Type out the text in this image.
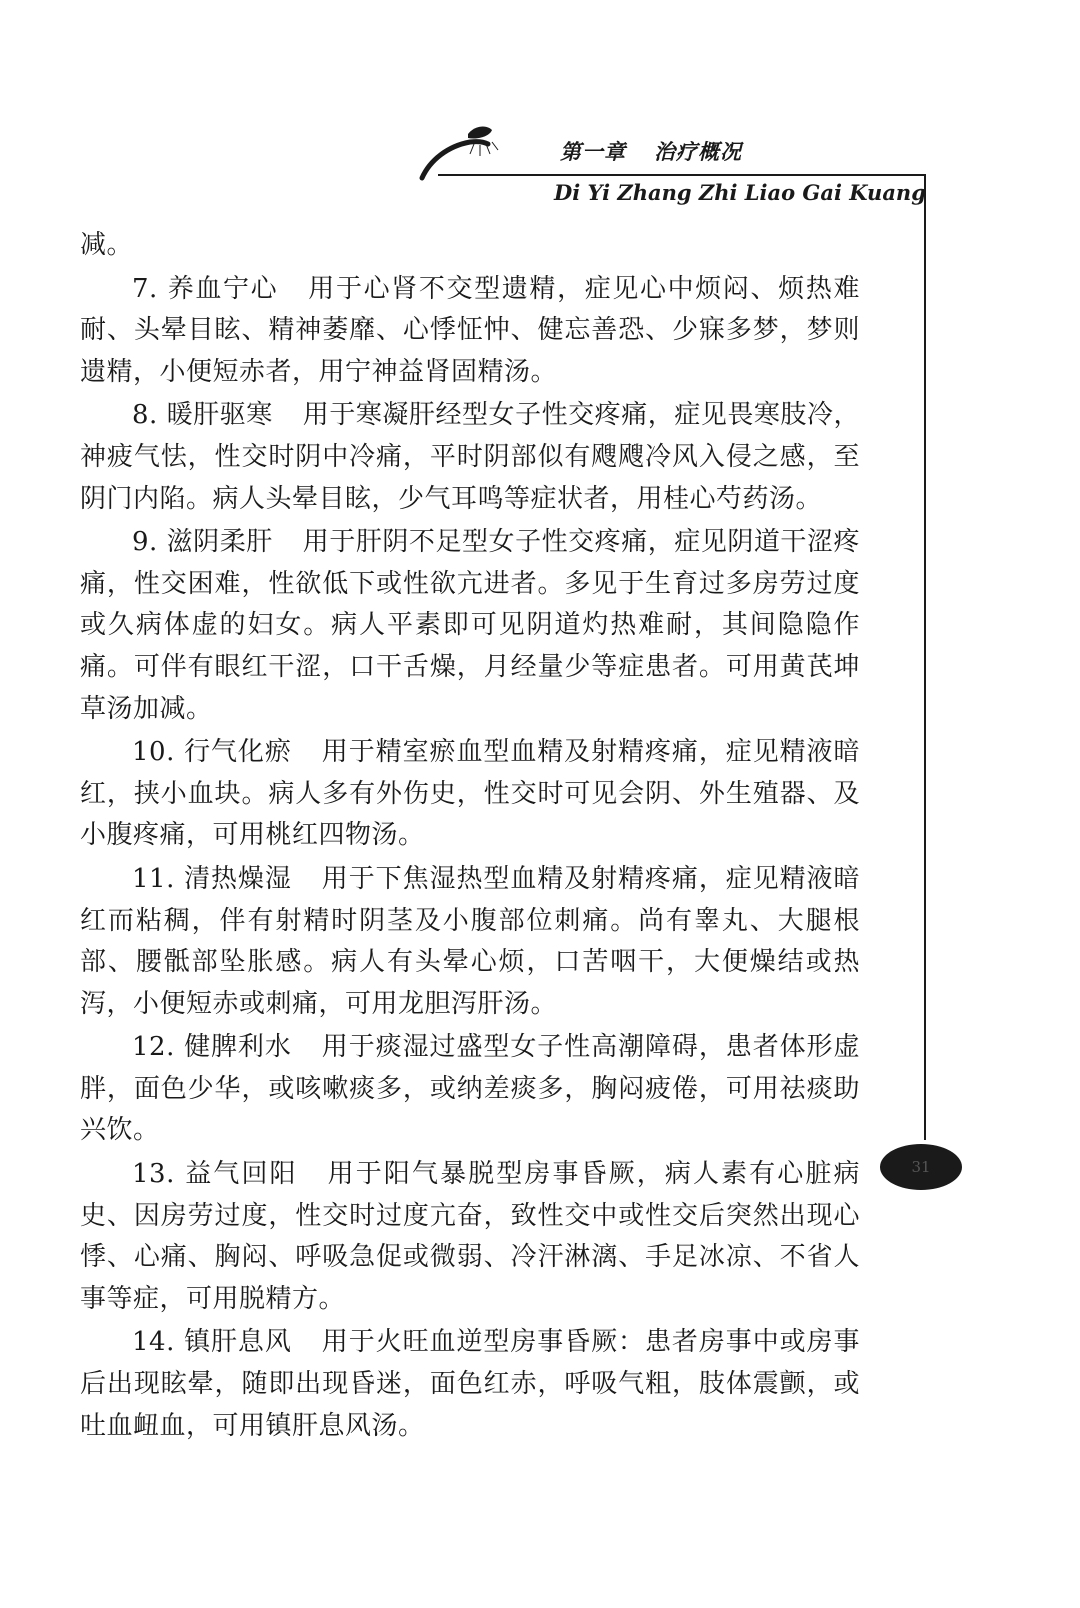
第一章 治疗概况
Di Yi Zhang Zhi Liao Gai Kuang
31

减。

7. 养血宁心 用于心肾不交型遗精，症见心中烦闷、烦热难耐、头晕目眩、精神萎靡、心悸怔忡、健忘善恐、少寐多梦，梦则遗精，小便短赤者，用宁神益肾固精汤。

8. 暖肝驱寒 用于寒凝肝经型女子性交疼痛，症见畏寒肢冷，神疲气怯，性交时阴中冷痛，平时阴部似有飕飕冷风入侵之感，至阴门内陷。病人头晕目眩，少气耳鸣等症状者，用桂心芍药汤。

9. 滋阴柔肝 用于肝阴不足型女子性交疼痛，症见阴道干涩疼痛，性交困难，性欲低下或性欲亢进者。多见于生育过多房劳过度或久病体虚的妇女。病人平素即可见阴道灼热难耐，其间隐隐作痛。可伴有眼红干涩，口干舌燥，月经量少等症患者。可用黄芪坤草汤加减。

10. 行气化瘀 用于精室瘀血型血精及射精疼痛，症见精液暗红，挟小血块。病人多有外伤史，性交时可见会阴、外生殖器、及小腹疼痛，可用桃红四物汤。

11. 清热燥湿 用于下焦湿热型血精及射精疼痛，症见精液暗红而粘稠，伴有射精时阴茎及小腹部位刺痛。尚有睾丸、大腿根部、腰骶部坠胀感。病人有头晕心烦，口苦咽干，大便燥结或热泻，小便短赤或刺痛，可用龙胆泻肝汤。

12. 健脾利水 用于痰湿过盛型女子性高潮障碍，患者体形虚胖，面色少华，或咳嗽痰多，或纳差痰多，胸闷疲倦，可用祛痰助兴饮。

13. 益气回阳 用于阳气暴脱型房事昏厥，病人素有心脏病史、因房劳过度，性交时过度亢奋，致性交中或性交后突然出现心悸、心痛、胸闷、呼吸急促或微弱、冷汗淋漓、手足冰凉、不省人事等症，可用脱精方。

14. 镇肝息风 用于火旺血逆型房事昏厥：患者房事中或房事后出现眩晕，随即出现昏迷，面色红赤，呼吸气粗，肢体震颤，或吐血衄血，可用镇肝息风汤。
